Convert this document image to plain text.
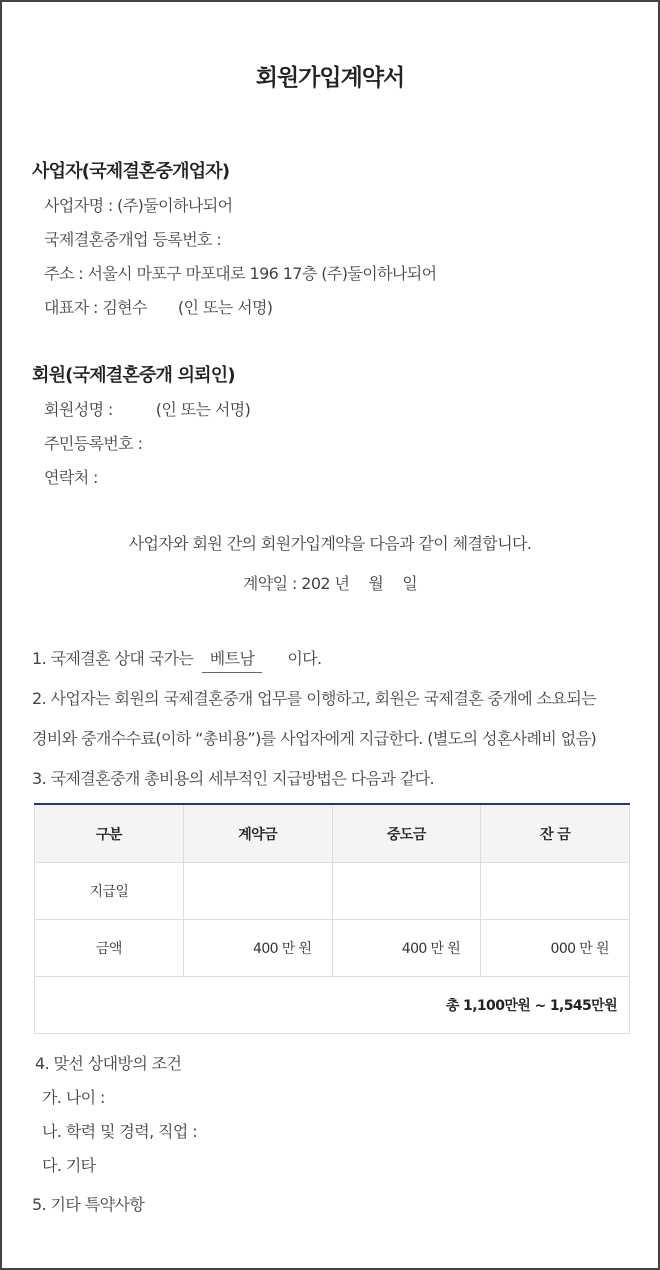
회원가입계약서
사업자(국제결혼중개업자)
사업자명 : (주)둘이하나되어
국제결혼중개업 등록번호 :
주소 : 서울시 마포구 마포대로 196 17층 (주)둘이하나되어
대표자 : 김현수 (인 또는 서명)
회원(국제결혼중개 의뢰인)
회원성명 :	(인 또는 서명)
주민등록번호 :
연락처 :
사업자와 회원 간의 회원가입계약을 다음과 같이 체결합니다.
계약일 : 202 년 월 일
1. 국제결혼 상대 국가는 베트남 이다.
2. 사업자는 회원의 국제결혼중개 업무를 이행하고, 회원은 국제결혼 중개에 소요되는
경비와 중개수수료(이하 “총비용”)를 사업자에게 지급한다. (별도의 성혼사례비 없음)
3. 국제결혼중개 총비용의 세부적인 지급방법은 다음과 같다.
구분	계약금	중도금	잔 금
지급일			
금액	400 만 원	400 만 원	000 만 원
총 1,100만원 ~ 1,545만원			
4. 맞선 상대방의 조건
가. 나이 :
나. 학력 및 경력, 직업 :
다. 기타
5. 기타 특약사항
